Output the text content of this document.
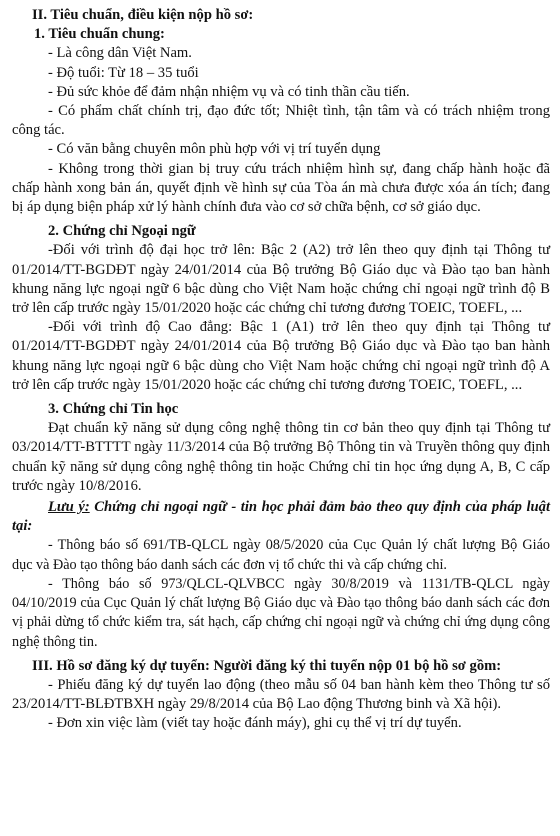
II. Tiêu chuẩn, điều kiện nộp hồ sơ:

1. Tiêu chuẩn chung:

- Là công dân Việt Nam.

- Độ tuổi: Từ 18 – 35 tuổi

- Đủ sức khỏe để đảm nhận nhiệm vụ và có tinh thần cầu tiến.

- Có phẩm chất chính trị, đạo đức tốt; Nhiệt tình, tận tâm và có trách nhiệm trong công tác.

- Có văn bằng chuyên môn phù hợp với vị trí tuyển dụng

- Không trong thời gian bị truy cứu trách nhiệm hình sự, đang chấp hành hoặc đã chấp hành xong bản án, quyết định về hình sự của Tòa án mà chưa được xóa án tích; đang bị áp dụng biện pháp xử lý hành chính đưa vào cơ sở chữa bệnh, cơ sở giáo dục.

2. Chứng chỉ Ngoại ngữ

-Đối với trình độ đại học trở lên: Bậc 2 (A2) trở lên theo quy định tại Thông tư 01/2014/TT-BGDĐT ngày 24/01/2014 của Bộ trưởng Bộ Giáo dục và Đào tạo ban hành khung năng lực ngoại ngữ 6 bậc dùng cho Việt Nam hoặc chứng chỉ ngoại ngữ trình độ B trở lên cấp trước ngày 15/01/2020 hoặc các chứng chỉ tương đương TOEIC, TOEFL, ...

-Đối với trình độ Cao đẳng: Bậc 1 (A1) trở lên theo quy định tại Thông tư 01/2014/TT-BGDĐT ngày 24/01/2014 của Bộ trưởng Bộ Giáo dục và Đào tạo ban hành khung năng lực ngoại ngữ 6 bậc dùng cho Việt Nam hoặc chứng chỉ ngoại ngữ trình độ A trở lên cấp trước ngày 15/01/2020 hoặc các chứng chỉ tương đương TOEIC, TOEFL, ...

3. Chứng chỉ Tin học

Đạt chuẩn kỹ năng sử dụng công nghệ thông tin cơ bản theo quy định tại Thông tư 03/2014/TT-BTTTT ngày 11/3/2014 của Bộ trưởng Bộ Thông tin và Truyền thông quy định chuẩn kỹ năng sử dụng công nghệ thông tin hoặc Chứng chỉ tin học ứng dụng A, B, C cấp trước ngày 10/8/2016.

Lưu ý: Chứng chỉ ngoại ngữ - tin học phải đảm bảo theo quy định của pháp luật tại:

- Thông báo số 691/TB-QLCL ngày 08/5/2020 của Cục Quản lý chất lượng Bộ Giáo dục và Đào tạo thông báo danh sách các đơn vị tổ chức thi và cấp chứng chỉ.

- Thông báo số 973/QLCL-QLVBCC ngày 30/8/2019 và 1131/TB-QLCL ngày 04/10/2019 của Cục Quản lý chất lượng Bộ Giáo dục và Đào tạo thông báo danh sách các đơn vị phải dừng tổ chức kiểm tra, sát hạch, cấp chứng chỉ ngoại ngữ và chứng chỉ ứng dụng công nghệ thông tin.

III. Hồ sơ đăng ký dự tuyển: Người đăng ký thi tuyển nộp 01 bộ hồ sơ gồm:

- Phiếu đăng ký dự tuyển lao động (theo mẫu số 04 ban hành kèm theo Thông tư số 23/2014/TT-BLĐTBXH ngày 29/8/2014 của Bộ Lao động Thương binh và Xã hội).

- Đơn xin việc làm (viết tay hoặc đánh máy), ghi cụ thể vị trí dự tuyển.
